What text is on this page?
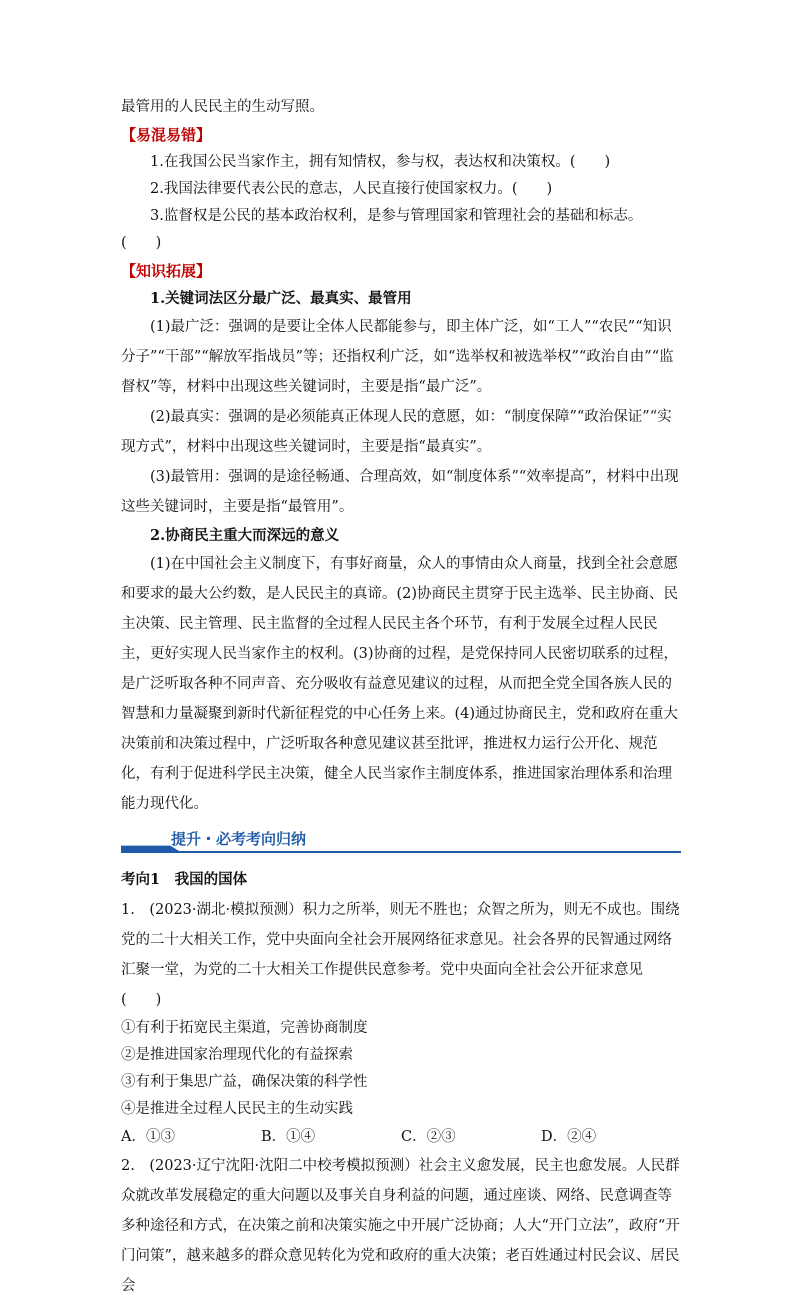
最管用的人民民主的生动写照。

【易混易错】

1.在我国公民当家作主，拥有知情权，参与权，表达权和决策权。(　　)

2.我国法律要代表公民的意志，人民直接行使国家权力。(　　)

3.监督权是公民的基本政治权利，是参与管理国家和管理社会的基础和标志。(　　)

【知识拓展】

1.关键词法区分最广泛、最真实、最管用

(1)最广泛：强调的是要让全体人民都能参与，即主体广泛，如“工人”“农民”“知识分子”“干部”“解放军指战员”等；还指权利广泛，如“选举权和被选举权”“政治自由”“监督权”等，材料中出现这些关键词时，主要是指“最广泛”。

(2)最真实：强调的是必须能真正体现人民的意愿，如：“制度保障”“政治保证”“实现方式”，材料中出现这些关键词时，主要是指“最真实”。

(3)最管用：强调的是途径畅通、合理高效，如“制度体系”“效率提高”，材料中出现这些关键词时，主要是指“最管用”。

2.协商民主重大而深远的意义

(1)在中国社会主义制度下，有事好商量，众人的事情由众人商量，找到全社会意愿和要求的最大公约数，是人民民主的真谛。(2)协商民主贯穿于民主选举、民主协商、民主决策、民主管理、民主监督的全过程人民民主各个环节，有利于发展全过程人民民主，更好实现人民当家作主的权利。(3)协商的过程，是党保持同人民密切联系的过程，是广泛听取各种不同声音、充分吸收有益意见建议的过程，从而把全党全国各族人民的智慧和力量凝聚到新时代新征程党的中心任务上来。(4)通过协商民主，党和政府在重大决策前和决策过程中，广泛听取各种意见建议甚至批评，推进权力运行公开化、规范化，有利于促进科学民主决策，健全人民当家作主制度体系，推进国家治理体系和治理能力现代化。

提升・必考考向归纳

考向1　我国的国体

1.　(2023·湖北·模拟预测）积力之所举，则无不胜也；众智之所为，则无不成也。围绕党的二十大相关工作，党中央面向全社会开展网络征求意见。社会各界的民智通过网络汇聚一堂，为党的二十大相关工作提供民意参考。党中央面向全社会公开征求意见(　　)

①有利于拓宽民主渠道，完善协商制度

②是推进国家治理现代化的有益探索

③有利于集思广益，确保决策的科学性

④是推进全过程人民民主的生动实践

A．①③	B．①④	C．②③	D．②④

2.　(2023·辽宁沈阳·沈阳二中校考模拟预测）社会主义愈发展，民主也愈发展。人民群众就改革发展稳定的重大问题以及事关自身利益的问题，通过座谈、网络、民意调查等多种途径和方式，在决策之前和决策实施之中开展广泛协商；人大“开门立法”，政府“开门问策”，越来越多的群众意见转化为党和政府的重大决策；老百姓通过村民会议、居民会
